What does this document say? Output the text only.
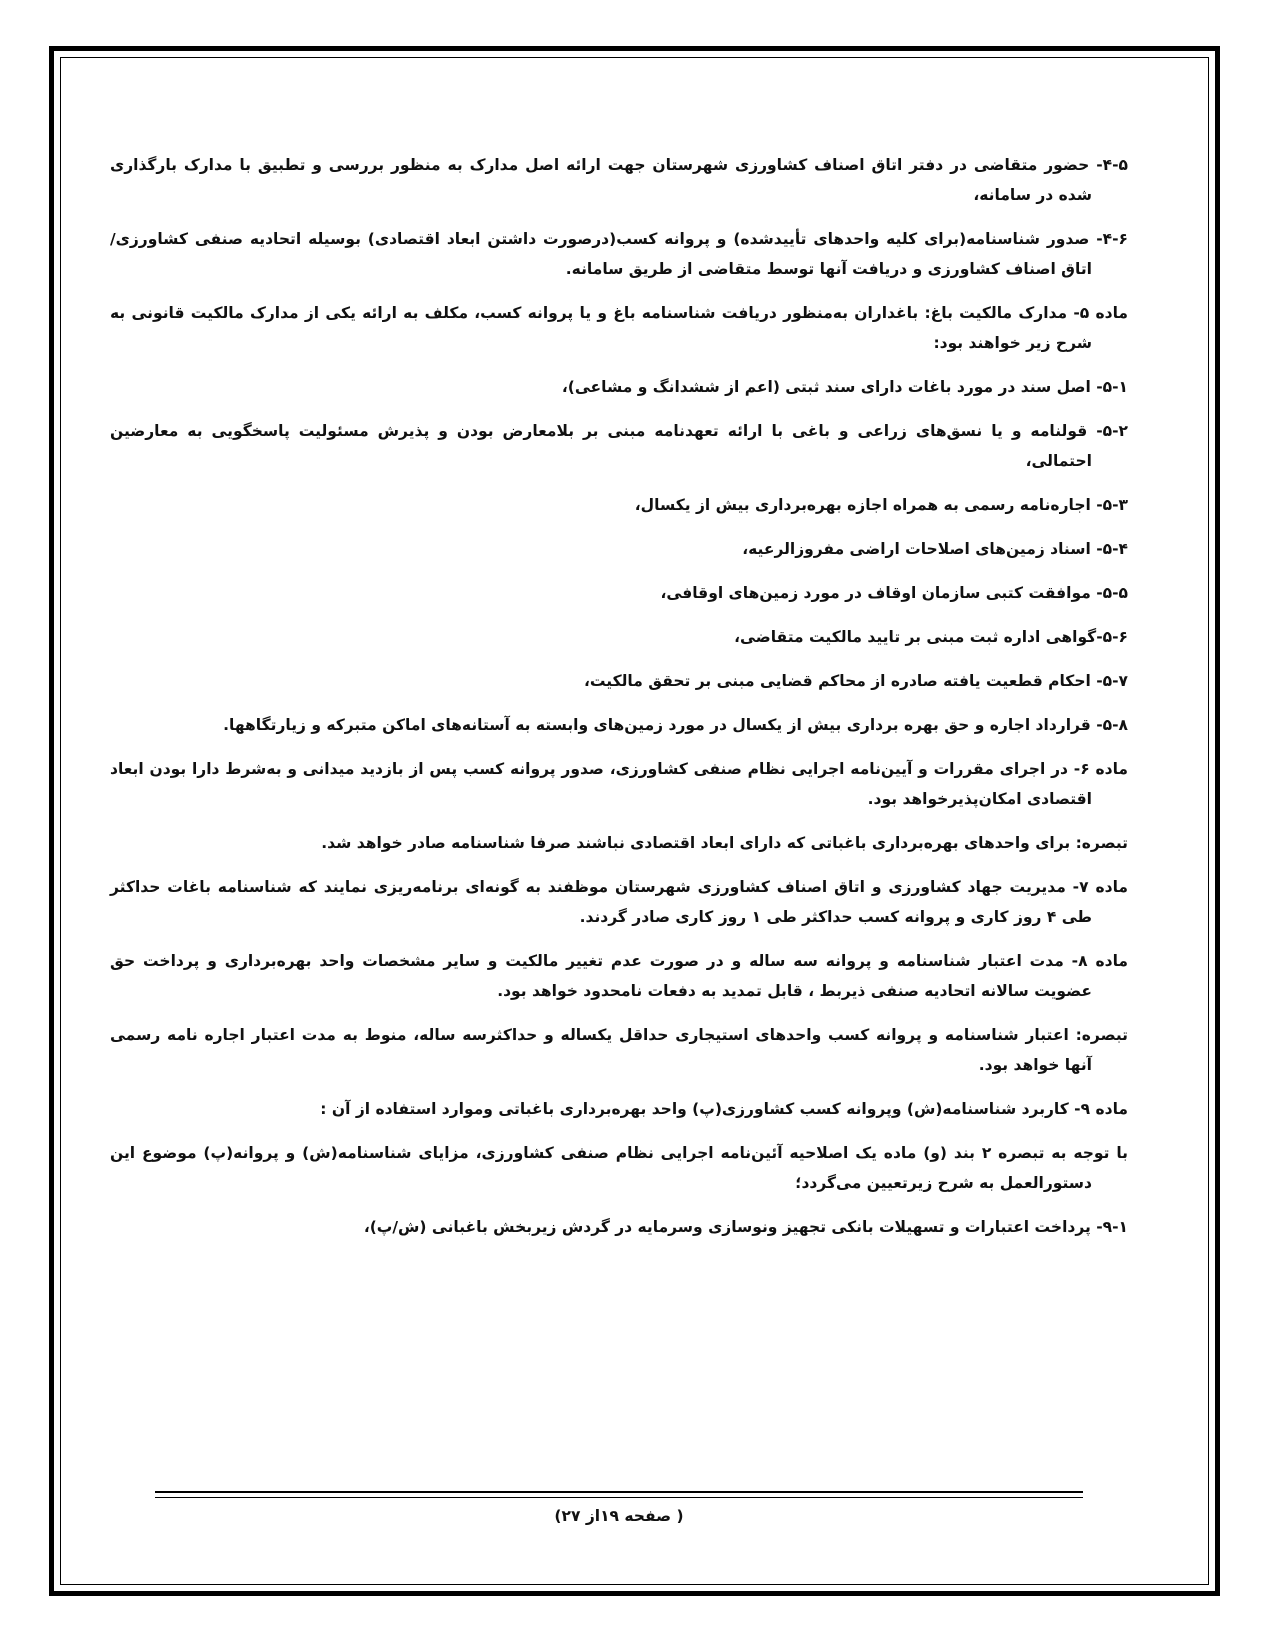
۴-۵- حضور متقاضی در دفتر اتاق اصناف کشاورزی شهرستان جهت ارائه اصل مدارک به منظور بررسی و تطبیق با مدارک بارگذاری شده در سامانه،

۴-۶- صدور شناسنامه(برای کلیه واحدهای تأییدشده) و پروانه کسب(درصورت داشتن ابعاد اقتصادی) بوسیله اتحادیه صنفی کشاورزی/ اتاق اصناف کشاورزی و دریافت آنها توسط متقاضی از طریق سامانه.

ماده ۵- مدارک مالکیت باغ: باغداران به‌منظور دریافت شناسنامه باغ و یا پروانه کسب، مکلف به ارائه یکی از مدارک مالکیت قانونی به شرح زیر خواهند بود:

۵-۱- اصل سند در مورد باغات دارای سند ثبتی (اعم از ششدانگ و مشاعی)،

۵-۲- قولنامه و یا نسق‌های زراعی و باغی با ارائه تعهدنامه مبنی بر بلامعارض بودن و پذیرش مسئولیت پاسخگویی به معارضین احتمالی،

۵-۳- اجاره‌نامه رسمی به همراه اجازه بهره‌برداری بیش از یکسال،

۵-۴- اسناد زمین‌های اصلاحات اراضی مفروزالرعیه،

۵-۵- موافقت کتبی سازمان اوقاف در مورد زمین‌های اوقافی،

۵-۶-گواهی اداره ثبت مبنی بر تایید مالکیت متقاضی،

۵-۷- احکام قطعیت یافته صادره از محاکم قضایی مبنی بر تحقق مالکیت،

۵-۸- قرارداد اجاره و حق بهره برداری بیش از یکسال در مورد زمین‌های وابسته به آستانه‌های اماکن متبرکه و زیارتگاهها.

ماده ۶- در اجرای مقررات و آیین‌نامه اجرایی نظام صنفی کشاورزی، صدور پروانه کسب پس از بازدید میدانی و به‌شرط دارا بودن ابعاد اقتصادی امکان‌پذیرخواهد بود.

تبصره: برای واحدهای بهره‌برداری باغباتی که دارای ابعاد اقتصادی نباشند صرفا شناسنامه صادر خواهد شد.

ماده ۷- مدیریت جهاد کشاورزی و اتاق اصناف کشاورزی شهرستان موظفند به گونه‌ای برنامه‌ریزی نمایند که شناسنامه باغات حداکثر طی ۴ روز کاری و پروانه کسب حداکثر طی ۱ روز کاری صادر گردند.

ماده ۸- مدت اعتبار شناسنامه و پروانه سه ساله و در صورت عدم تغییر مالکیت و سایر مشخصات واحد بهره‌برداری و پرداخت حق عضویت سالانه اتحادیه صنفی ذیربط ، قابل تمدید به دفعات نامحدود خواهد بود.

تبصره: اعتبار شناسنامه و پروانه کسب واحدهای استیجاری حداقل یکساله و حداکثرسه ساله، منوط به مدت اعتبار اجاره نامه رسمی آنها خواهد بود.

ماده ۹- کاربرد شناسنامه(ش) وپروانه کسب کشاورزی(پ) واحد بهره‌برداری باغباتی وموارد استفاده از آن :

با توجه به تبصره ۲ بند (و) ماده یک اصلاحیه آئین‌نامه اجرایی نظام صنفی کشاورزی، مزایای شناسنامه(ش) و پروانه(پ) موضوع این دستورالعمل به شرح زیرتعیین می‌گردد؛

۹-۱- پرداخت اعتبارات و تسهیلات بانکی تجهیز ونوسازی وسرمایه در گردش زیربخش باغبانی (ش/پ)،

( صفحه ۱۹از ۲۷)
